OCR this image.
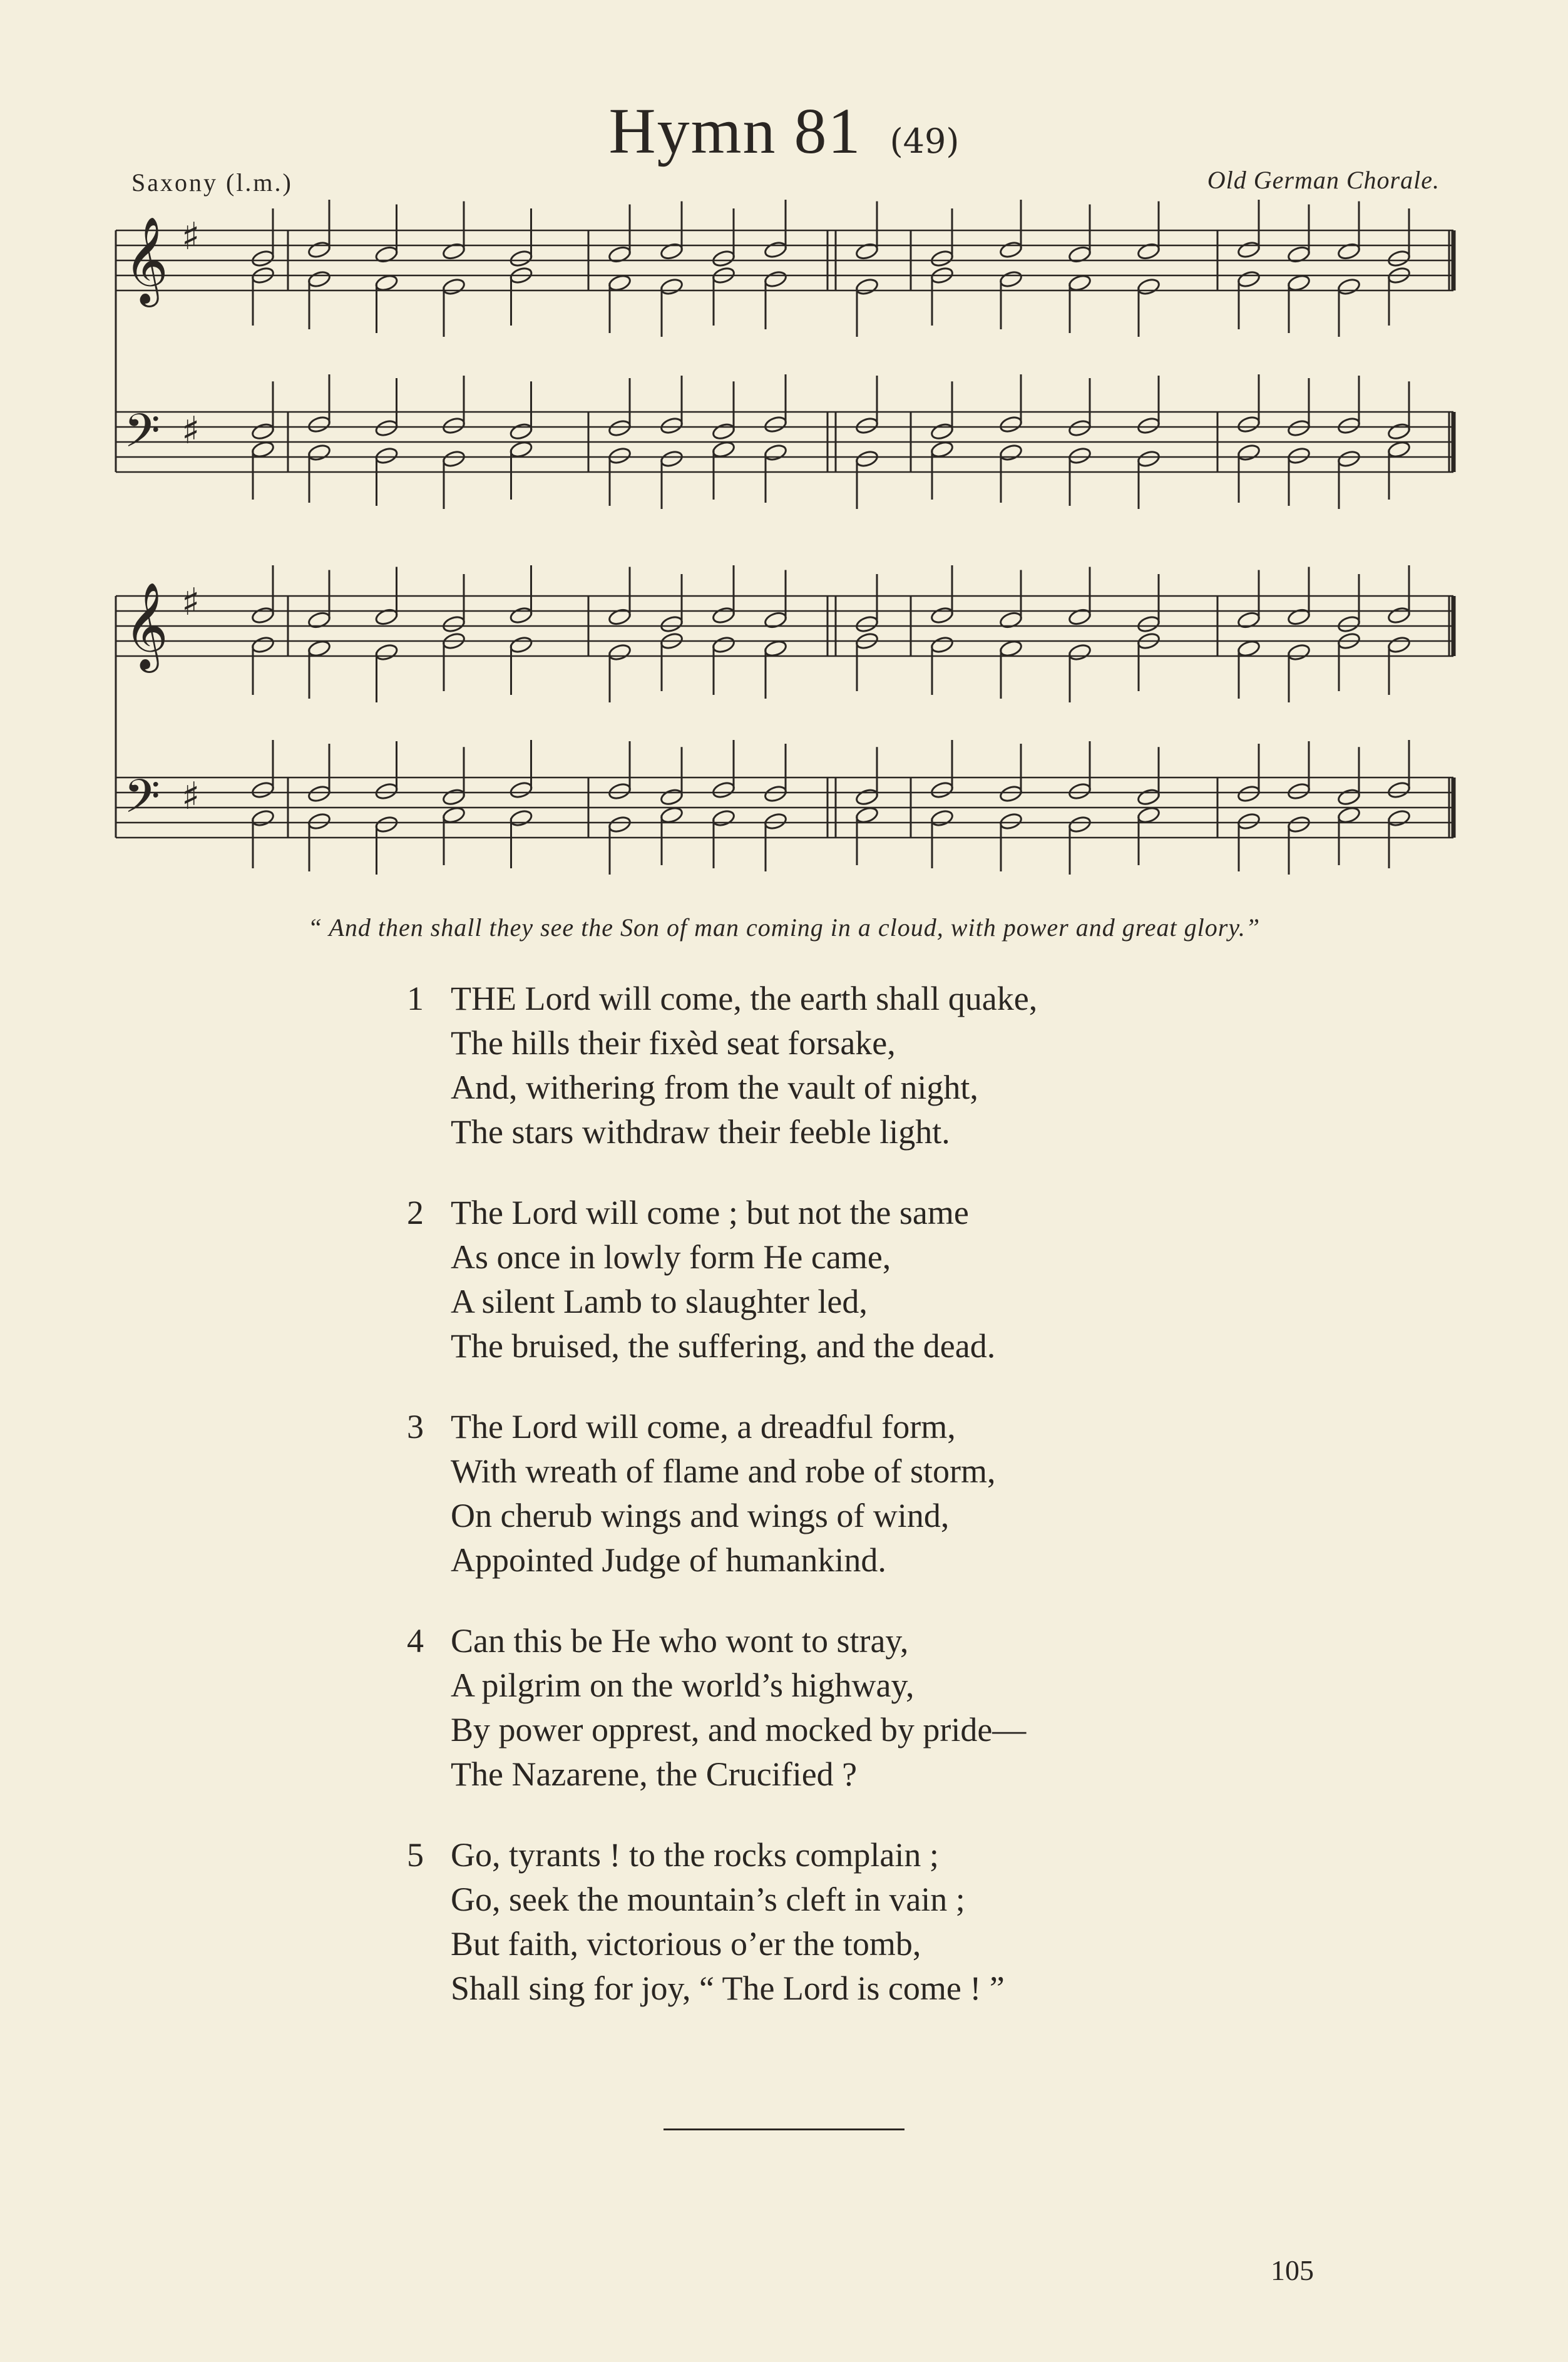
Hymn 81 (49)
Saxony (l.m.)	Old German Chorale.
𝄞
𝄢
♯
♯
𝄞
𝄢
♯
♯
“ And then shall they see the Son of man coming in a cloud, with power and great glory.”
1 THE Lord will come, the earth shall quake,
The hills their fixèd seat forsake,
And, withering from the vault of night,
The stars withdraw their feeble light.
2 The Lord will come ; but not the same
As once in lowly form He came,
A silent Lamb to slaughter led,
The bruised, the suffering, and the dead.
3 The Lord will come, a dreadful form,
With wreath of flame and robe of storm,
On cherub wings and wings of wind,
Appointed Judge of humankind.
4 Can this be He who wont to stray,
A pilgrim on the world’s highway,
By power opprest, and mocked by pride—
The Nazarene, the Crucified ?
5 Go, tyrants ! to the rocks complain ;
Go, seek the mountain’s cleft in vain ;
But faith, victorious o’er the tomb,
Shall sing for joy, “ The Lord is come ! ”
105
